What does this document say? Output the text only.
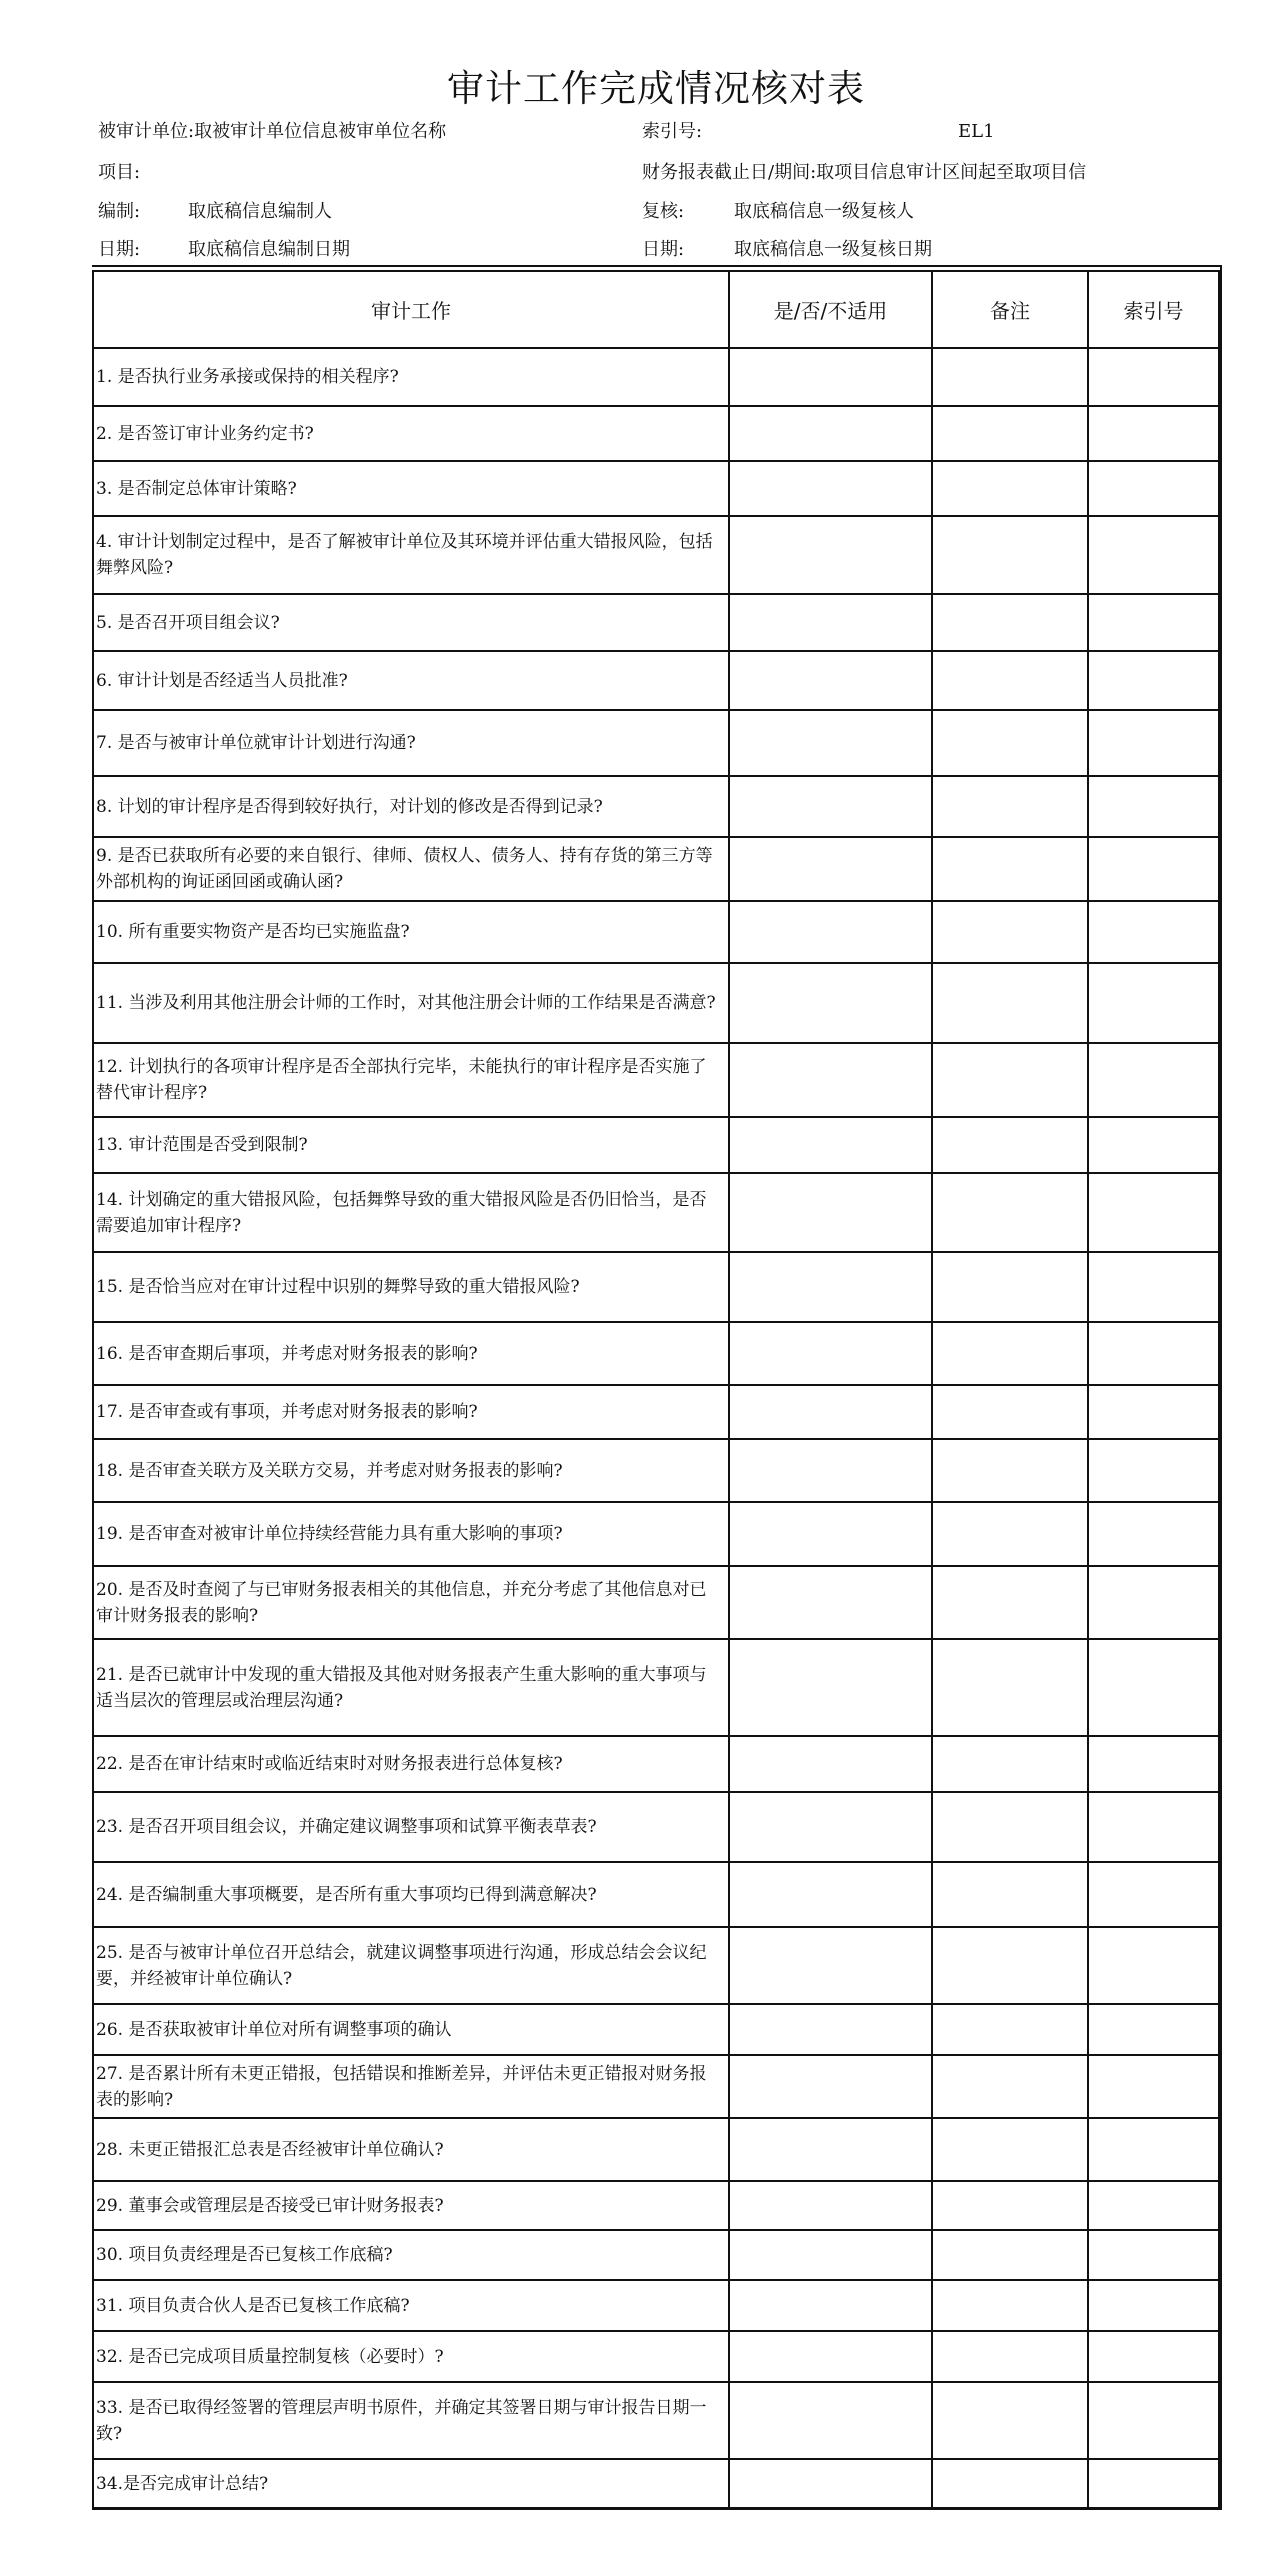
审计工作完成情况核对表
被审计单位:取被审计单位信息被审单位名称
项目:
编制:	取底稿信息编制人
日期:	取底稿信息编制日期
索引号:	EL1
财务报表截止日/期间:取项目信息审计区间起至取项目信
复核:	取底稿信息一级复核人
日期:	取底稿信息一级复核日期
审计工作	是/否/不适用	备注	索引号
1. 是否执行业务承接或保持的相关程序?			
2. 是否签订审计业务约定书?			
3. 是否制定总体审计策略?			
4. 审计计划制定过程中，是否了解被审计单位及其环境并评估重大错报风险，包括舞弊风险?			
5. 是否召开项目组会议?			
6. 审计计划是否经适当人员批准?			
7. 是否与被审计单位就审计计划进行沟通?			
8. 计划的审计程序是否得到较好执行，对计划的修改是否得到记录?			
9. 是否已获取所有必要的来自银行、律师、债权人、债务人、持有存货的第三方等外部机构的询证函回函或确认函?			
10. 所有重要实物资产是否均已实施监盘?			
11. 当涉及利用其他注册会计师的工作时，对其他注册会计师的工作结果是否满意?			
12. 计划执行的各项审计程序是否全部执行完毕，未能执行的审计程序是否实施了替代审计程序?			
13. 审计范围是否受到限制?			
14. 计划确定的重大错报风险，包括舞弊导致的重大错报风险是否仍旧恰当，是否需要追加审计程序?			
15. 是否恰当应对在审计过程中识别的舞弊导致的重大错报风险?			
16. 是否审查期后事项，并考虑对财务报表的影响?			
17. 是否审查或有事项，并考虑对财务报表的影响?			
18. 是否审查关联方及关联方交易，并考虑对财务报表的影响?			
19. 是否审查对被审计单位持续经营能力具有重大影响的事项?			
20. 是否及时查阅了与已审财务报表相关的其他信息，并充分考虑了其他信息对已审计财务报表的影响?			
21. 是否已就审计中发现的重大错报及其他对财务报表产生重大影响的重大事项与适当层次的管理层或治理层沟通?			
22. 是否在审计结束时或临近结束时对财务报表进行总体复核?			
23. 是否召开项目组会议，并确定建议调整事项和试算平衡表草表?			
24. 是否编制重大事项概要，是否所有重大事项均已得到满意解决?			
25. 是否与被审计单位召开总结会，就建议调整事项进行沟通，形成总结会会议纪要，并经被审计单位确认?			
26. 是否获取被审计单位对所有调整事项的确认			
27. 是否累计所有未更正错报，包括错误和推断差异，并评估未更正错报对财务报表的影响?			
28. 未更正错报汇总表是否经被审计单位确认?			
29. 董事会或管理层是否接受已审计财务报表?			
30. 项目负责经理是否已复核工作底稿?			
31. 项目负责合伙人是否已复核工作底稿?			
32. 是否已完成项目质量控制复核（必要时）?			
33. 是否已取得经签署的管理层声明书原件，并确定其签署日期与审计报告日期一致?			
34.是否完成审计总结?			
